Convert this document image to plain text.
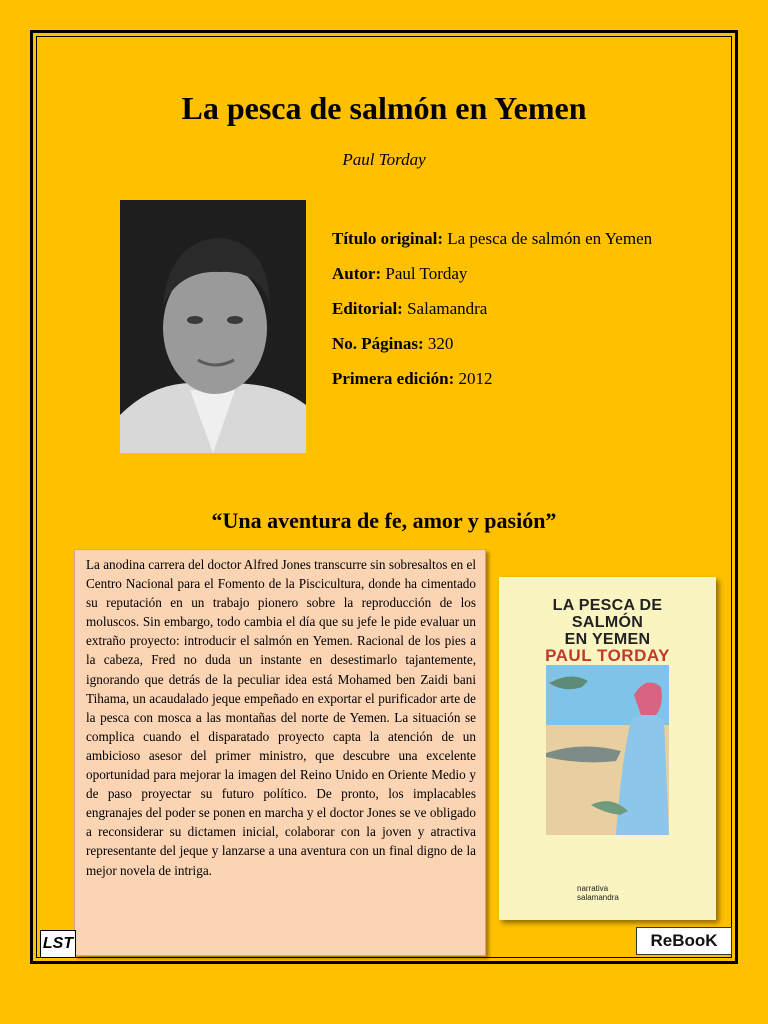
La pesca de salmón en Yemen
Paul Torday
Título original: La pesca de salmón en Yemen
Autor: Paul Torday
Editorial: Salamandra
No. Páginas: 320
Primera edición: 2012
“Una aventura de fe, amor y pasión”
La anodina carrera del doctor Alfred Jones transcurre sin sobresaltos en el Centro Nacional para el Fomento de la Piscicultura, donde ha cimentado su reputación en un trabajo pionero sobre la reproducción de los moluscos. Sin embargo, todo cambia el día que su jefe le pide evaluar un extraño proyecto: introducir el salmón en Yemen. Racional de los pies a la cabeza, Fred no duda un instante en desestimarlo tajantemente, ignorando que detrás de la peculiar idea está Mohamed ben Zaidi bani Tihama, un acaudalado jeque empeñado en exportar el purificador arte de la pesca con mosca a las montañas del norte de Yemen. La situación se complica cuando el disparatado proyecto capta la atención de un ambicioso asesor del primer ministro, que descubre una excelente oportunidad para mejorar la imagen del Reino Unido en Oriente Medio y de paso proyectar su futuro político. De pronto, los implacables engranajes del poder se ponen en marcha y el doctor Jones se ve obligado a reconsiderar su dictamen inicial, colaborar con la joven y atractiva representante del jeque y lanzarse a una aventura con un final digno de la mejor novela de intriga.
LA PESCA DE
SALMÓN
EN YEMEN
PAUL TORDAY
narrativa
salamandra
LST	ReBooK
